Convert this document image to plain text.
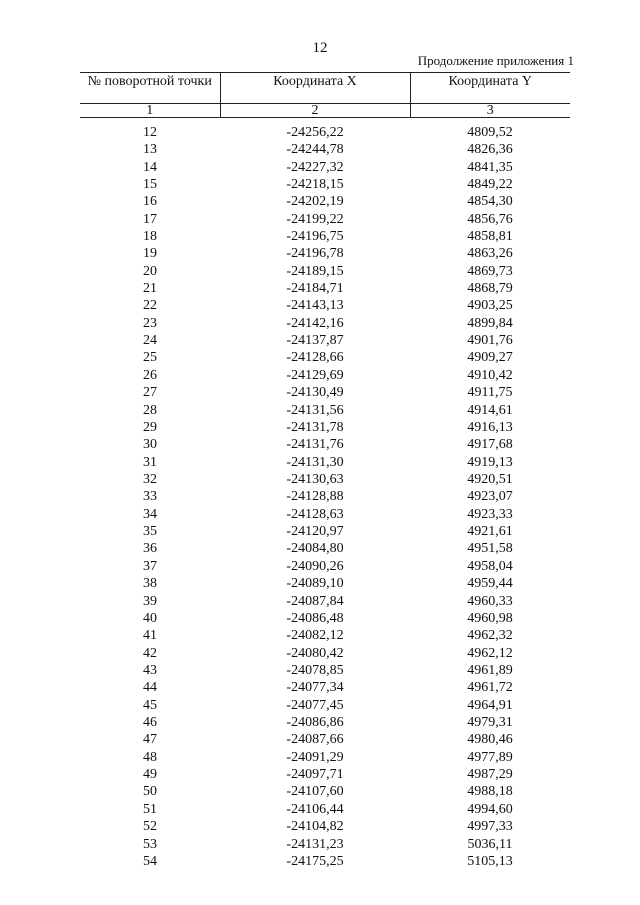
12
Продолжение приложения 1
№ поворотной точки	Координата X	Координата Y
1	2	3
12	-24256,22	4809,52
13	-24244,78	4826,36
14	-24227,32	4841,35
15	-24218,15	4849,22
16	-24202,19	4854,30
17	-24199,22	4856,76
18	-24196,75	4858,81
19	-24196,78	4863,26
20	-24189,15	4869,73
21	-24184,71	4868,79
22	-24143,13	4903,25
23	-24142,16	4899,84
24	-24137,87	4901,76
25	-24128,66	4909,27
26	-24129,69	4910,42
27	-24130,49	4911,75
28	-24131,56	4914,61
29	-24131,78	4916,13
30	-24131,76	4917,68
31	-24131,30	4919,13
32	-24130,63	4920,51
33	-24128,88	4923,07
34	-24128,63	4923,33
35	-24120,97	4921,61
36	-24084,80	4951,58
37	-24090,26	4958,04
38	-24089,10	4959,44
39	-24087,84	4960,33
40	-24086,48	4960,98
41	-24082,12	4962,32
42	-24080,42	4962,12
43	-24078,85	4961,89
44	-24077,34	4961,72
45	-24077,45	4964,91
46	-24086,86	4979,31
47	-24087,66	4980,46
48	-24091,29	4977,89
49	-24097,71	4987,29
50	-24107,60	4988,18
51	-24106,44	4994,60
52	-24104,82	4997,33
53	-24131,23	5036,11
54	-24175,25	5105,13
